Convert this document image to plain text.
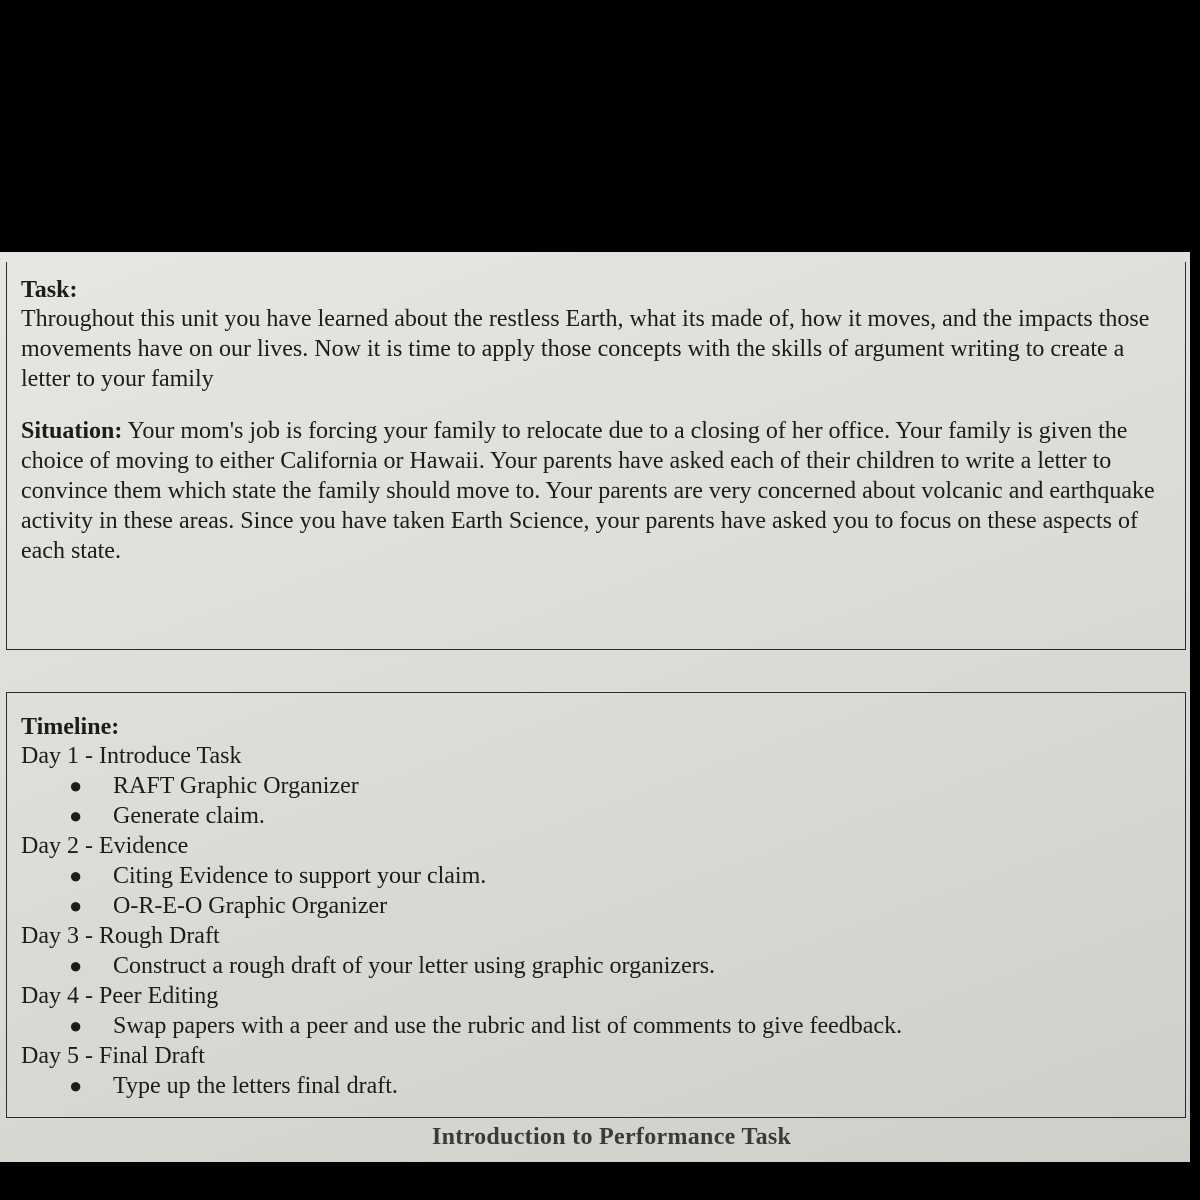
Task:

Throughout this unit you have learned about the restless Earth, what its made of, how it moves, and the impacts those movements have on our lives. Now it is time to apply those concepts with the skills of argument writing to create a letter to your family

Situation: Your mom's job is forcing your family to relocate due to a closing of her office. Your family is given the choice of moving to either California or Hawaii. Your parents have asked each of their children to write a letter to convince them which state the family should move to. Your parents are very concerned about volcanic and earthquake activity in these areas. Since you have taken Earth Science, your parents have asked you to focus on these aspects of each state.

Timeline:
Day 1 - Introduce Task
● RAFT Graphic Organizer
● Generate claim.
Day 2 - Evidence
● Citing Evidence to support your claim.
● O-R-E-O Graphic Organizer
Day 3 - Rough Draft
● Construct a rough draft of your letter using graphic organizers.
Day 4 - Peer Editing
● Swap papers with a peer and use the rubric and list of comments to give feedback.
Day 5 - Final Draft
● Type up the letters final draft.
Introduction to Performance Task
